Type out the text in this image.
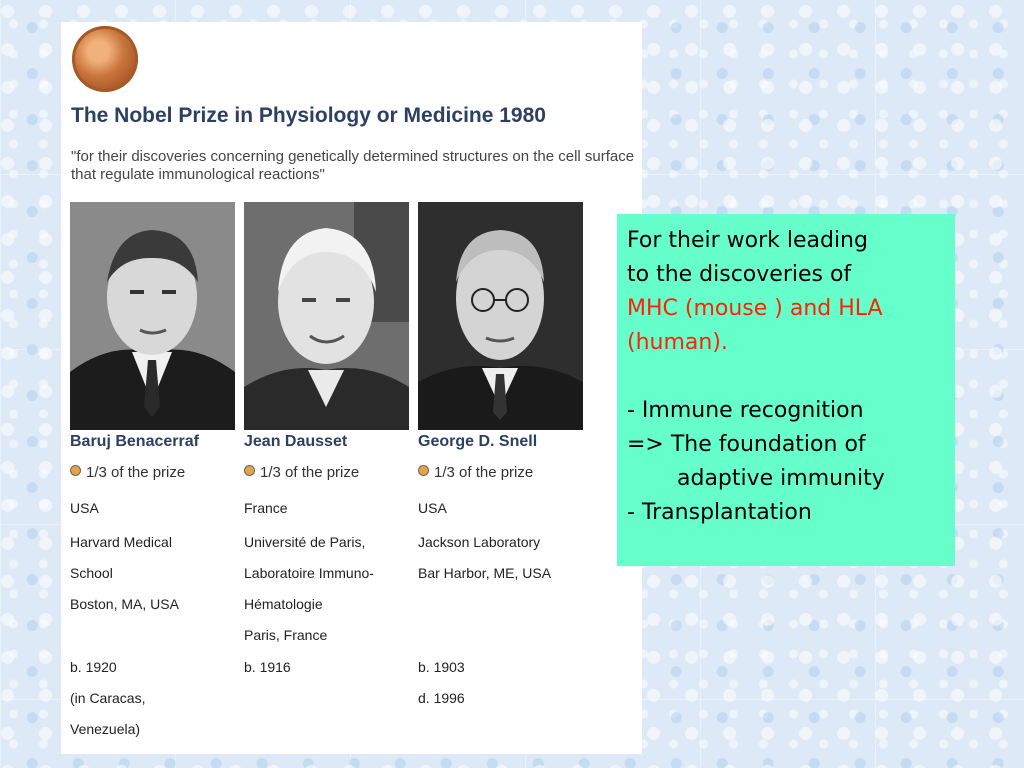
The Nobel Prize in Physiology or Medicine 1980

"for their discoveries concerning genetically determined structures on the cell surface that regulate immunological reactions"

Baruj Benacerraf

1/3 of the prize
USA
Harvard Medical
School
Boston, MA, USA
b. 1920
(in Caracas,
Venezuela)

Jean Dausset

1/3 of the prize
France
Université de Paris,
Laboratoire Immuno-
Hématologie
Paris, France
b. 1916

George D. Snell

1/3 of the prize
USA
Jackson Laboratory
Bar Harbor, ME, USA
b. 1903
d. 1996

For their work leading

to the discoveries of

MHC (mouse ) and HLA

(human).

- Immune recognition

=> The foundation of

adaptive immunity

- Transplantation
